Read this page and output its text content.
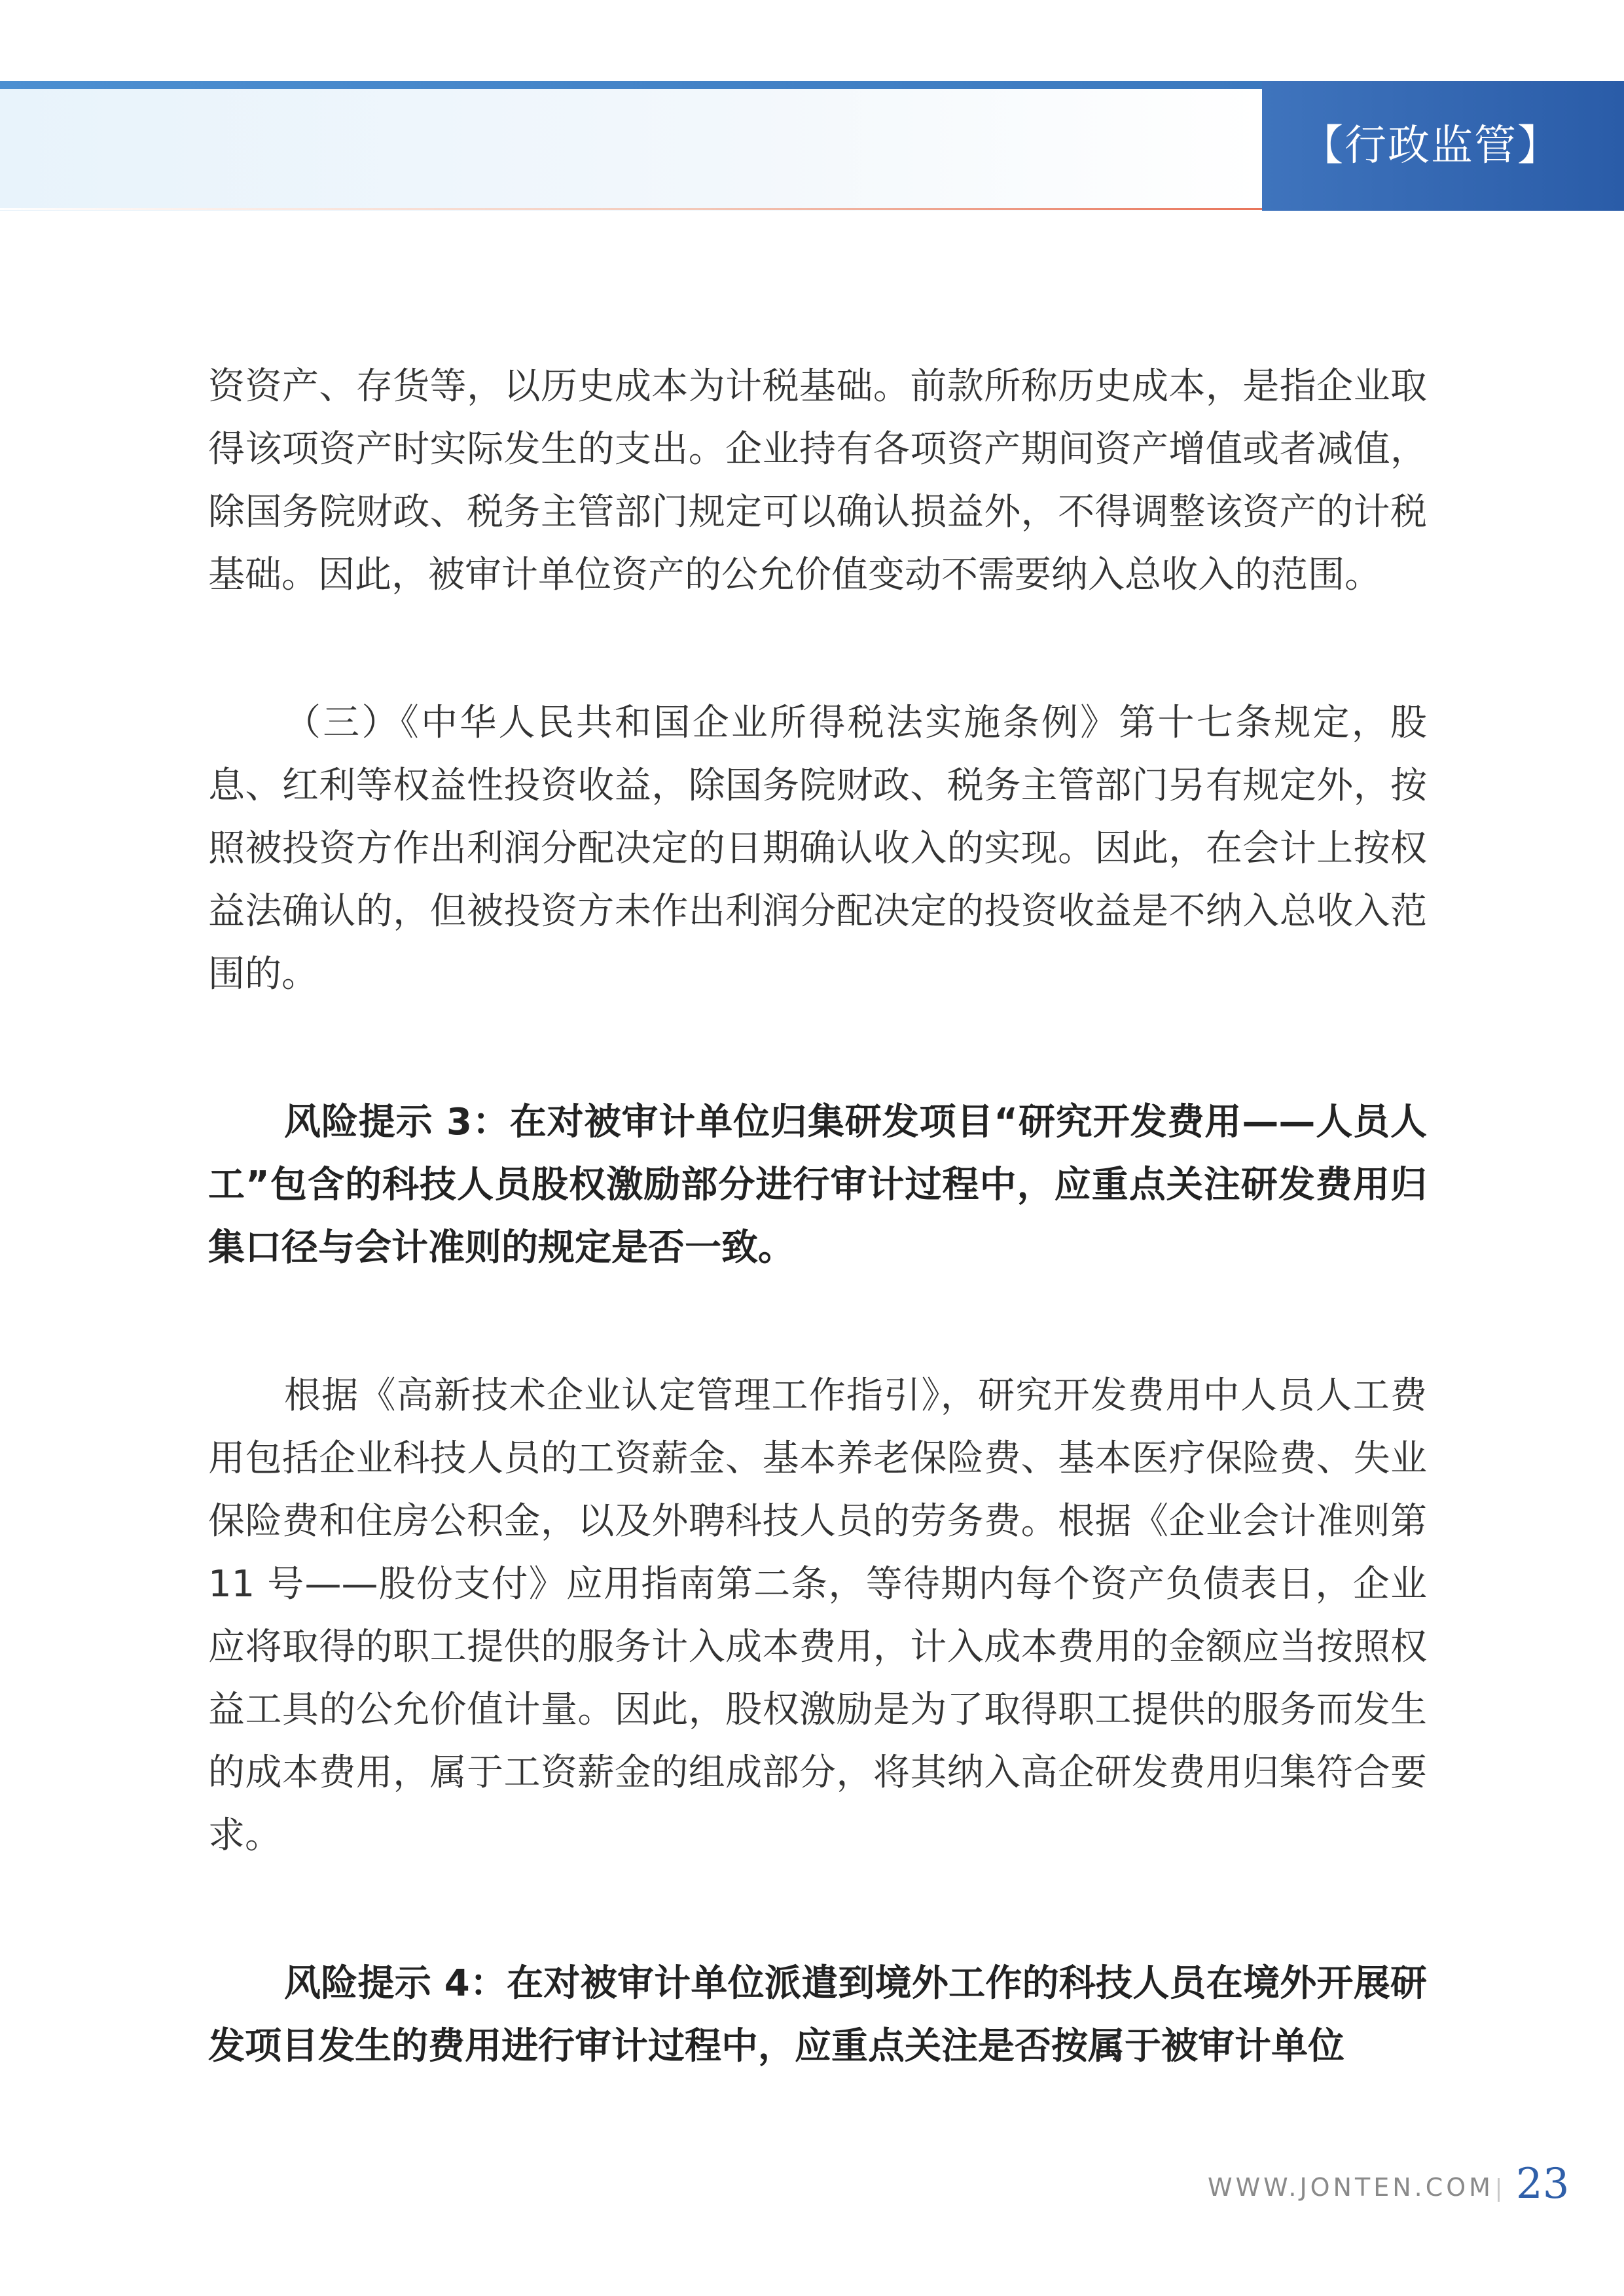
【行政监管】

资资产、存货等，以历史成本为计税基础。前款所称历史成本，是指企业取得该项资产时实际发生的支出。企业持有各项资产期间资产增值或者减值，除国务院财政、税务主管部门规定可以确认损益外，不得调整该资产的计税基础。因此，被审计单位资产的公允价值变动不需要纳入总收入的范围。

（三）《中华人民共和国企业所得税法实施条例》第十七条规定，股息、红利等权益性投资收益，除国务院财政、税务主管部门另有规定外，按照被投资方作出利润分配决定的日期确认收入的实现。因此，在会计上按权益法确认的，但被投资方未作出利润分配决定的投资收益是不纳入总收入范围的。

风险提示 3：在对被审计单位归集研发项目“研究开发费用——人员人工”包含的科技人员股权激励部分进行审计过程中，应重点关注研发费用归集口径与会计准则的规定是否一致。

根据《高新技术企业认定管理工作指引》，研究开发费用中人员人工费用包括企业科技人员的工资薪金、基本养老保险费、基本医疗保险费、失业保险费和住房公积金，以及外聘科技人员的劳务费。根据《企业会计准则第 11 号——股份支付》应用指南第二条，等待期内每个资产负债表日，企业应将取得的职工提供的服务计入成本费用，计入成本费用的金额应当按照权益工具的公允价值计量。因此，股权激励是为了取得职工提供的服务而发生的成本费用，属于工资薪金的组成部分，将其纳入高企研发费用归集符合要求。

风险提示 4：在对被审计单位派遣到境外工作的科技人员在境外开展研发项目发生的费用进行审计过程中，应重点关注是否按属于被审计单位

WWW.JONTEN.COM 23
